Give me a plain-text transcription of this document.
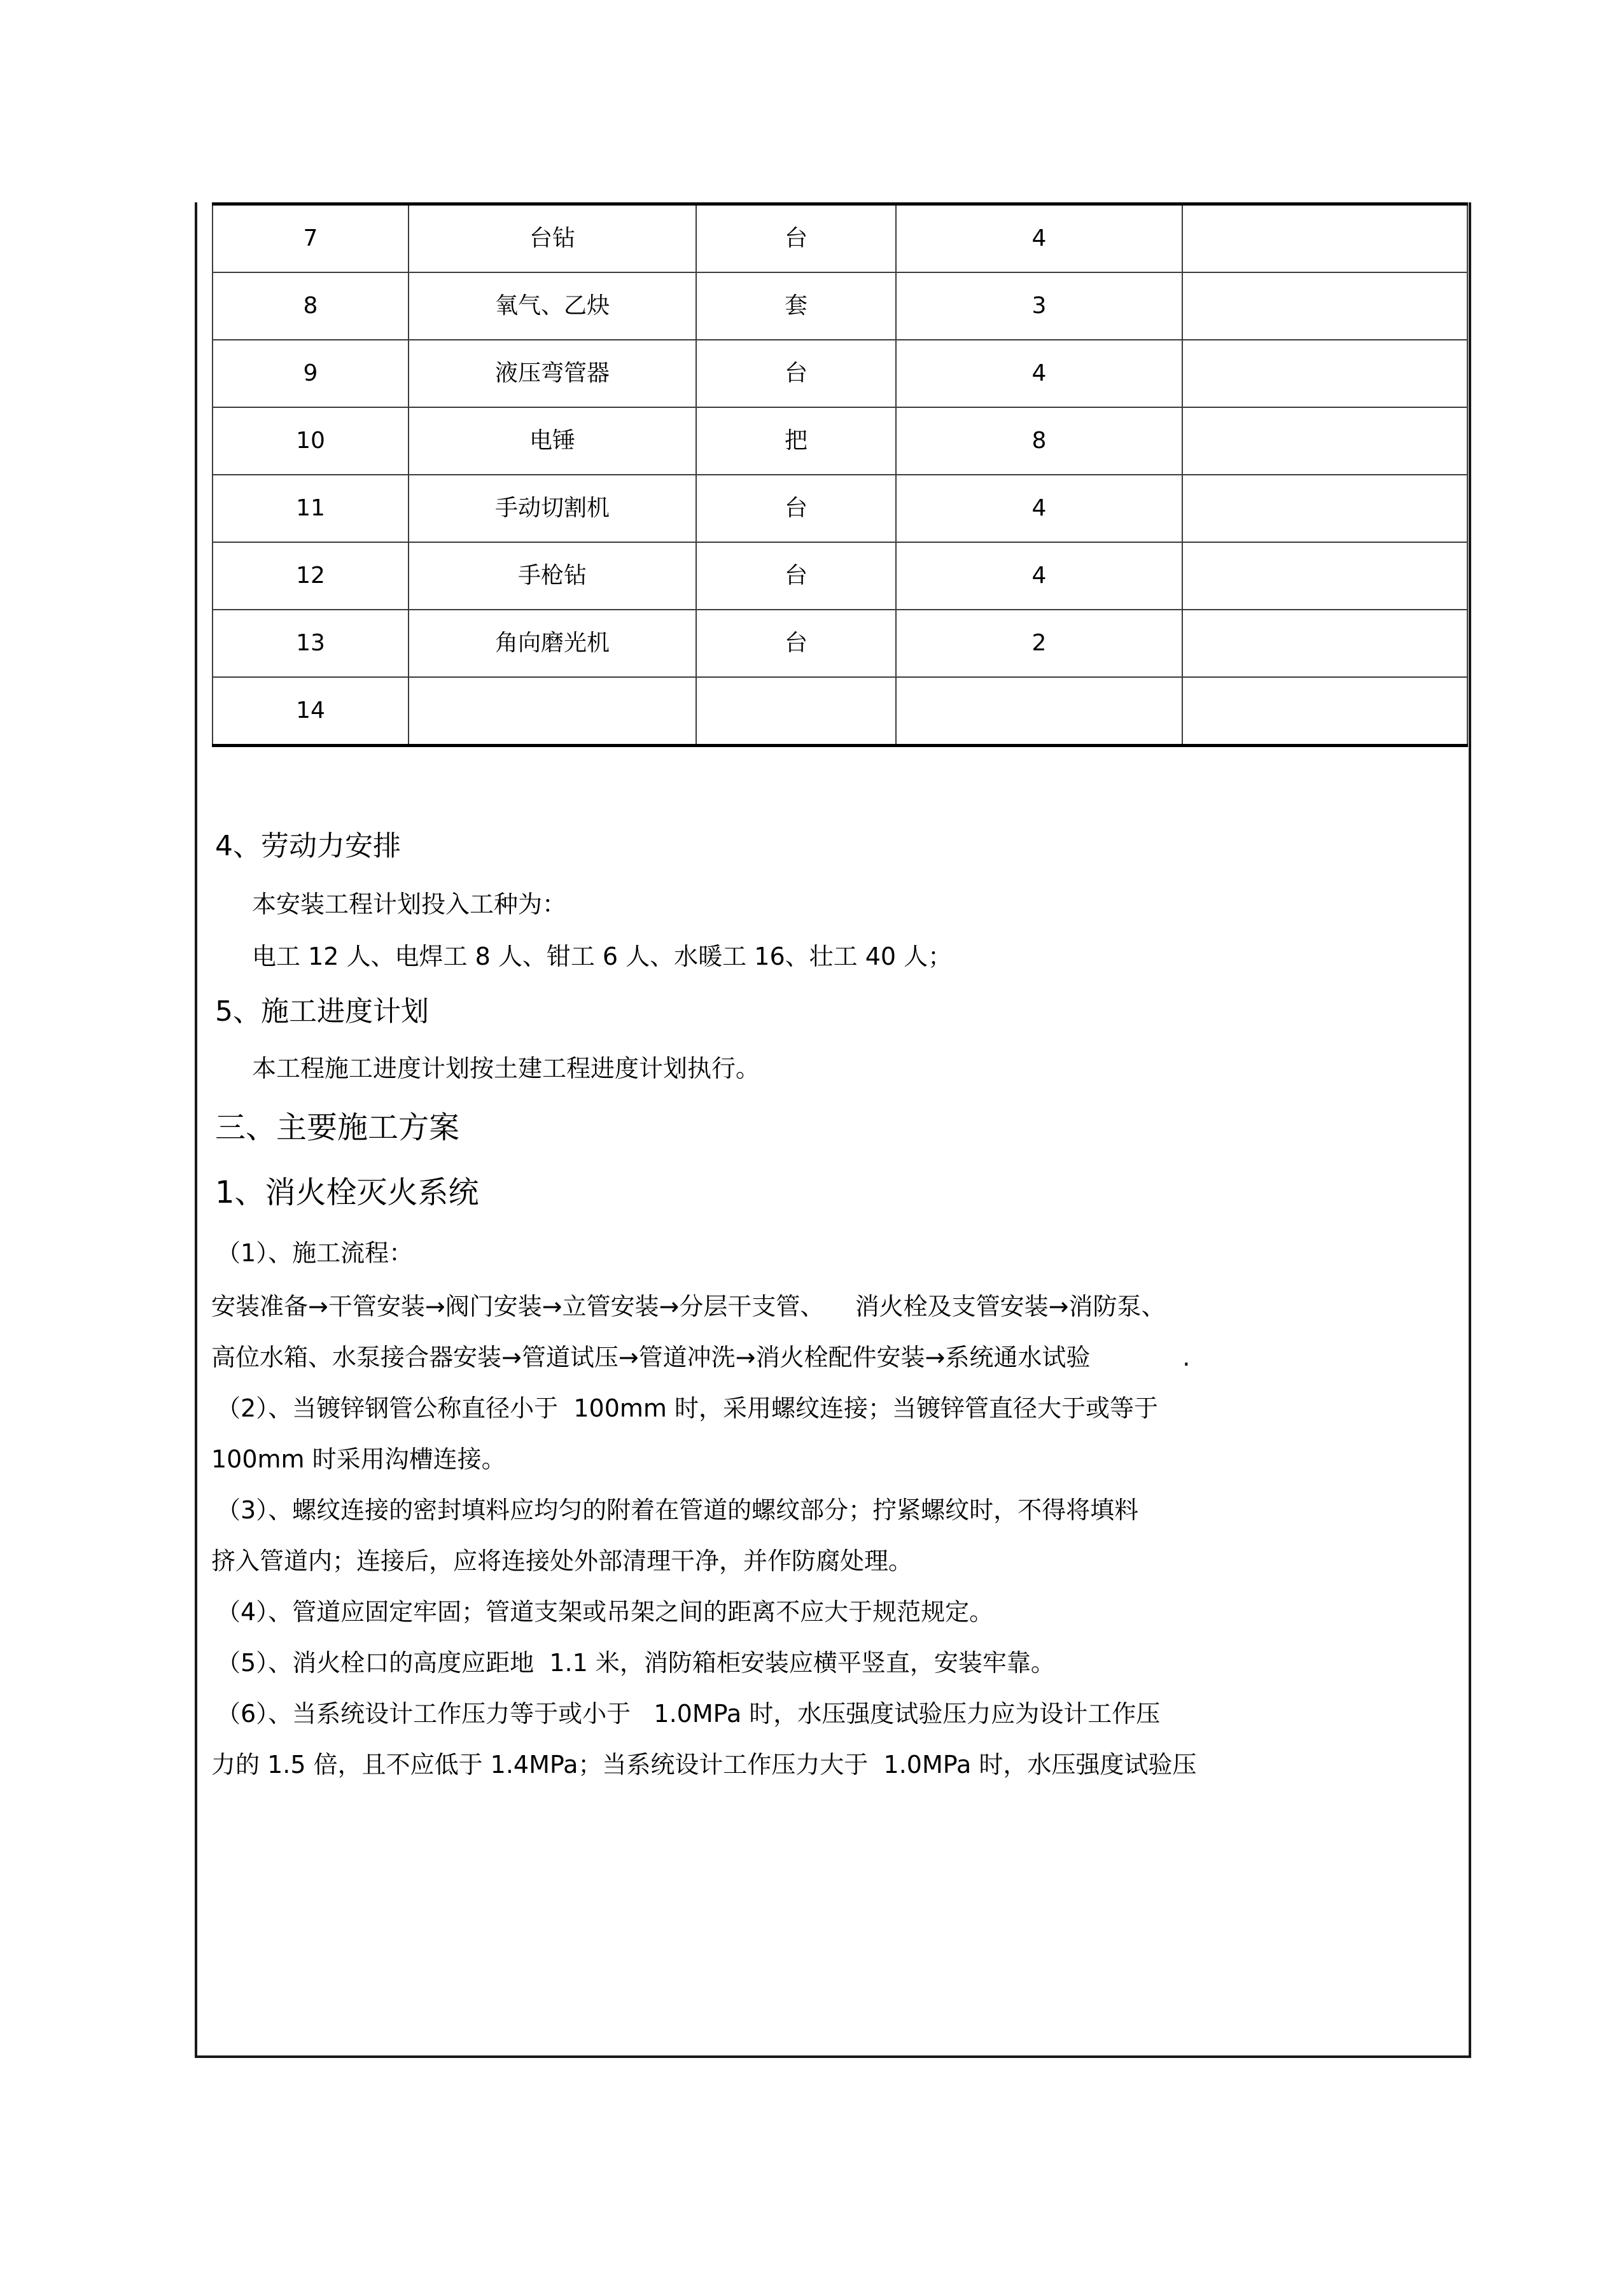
7	台钻	台	4	
8	氧气、乙炔	套	3	
9	液压弯管器	台	4	
10	电锤	把	8	
11	手动切割机	台	4	
12	手枪钻	台	4	
13	角向磨光机	台	2	
14				
4、劳动力安排
本安装工程计划投入工种为：
电工 12 人、电焊工 8 人、钳工 6 人、水暖工 16、壮工 40 人；
5、施工进度计划
本工程施工进度计划按土建工程进度计划执行。
三、主要施工方案
1、消火栓灭火系统
（1）、施工流程：
安装准备→干管安装→阀门安装→立管安装→分层干支管、    消火栓及支管安装→消防泵、
高位水箱、水泵接合器安装→管道试压→管道冲洗→消火栓配件安装→系统通水试验            .
（2）、当镀锌钢管公称直径小于  100mm 时，采用螺纹连接；当镀锌管直径大于或等于
100mm 时采用沟槽连接。
（3）、螺纹连接的密封填料应均匀的附着在管道的螺纹部分；拧紧螺纹时，不得将填料
挤入管道内；连接后，应将连接处外部清理干净，并作防腐处理。
（4）、管道应固定牢固；管道支架或吊架之间的距离不应大于规范规定。
（5）、消火栓口的高度应距地  1.1 米，消防箱柜安装应横平竖直，安装牢靠。
（6）、当系统设计工作压力等于或小于   1.0MPa 时，水压强度试验压力应为设计工作压
力的 1.5 倍，且不应低于 1.4MPa；当系统设计工作压力大于  1.0MPa 时，水压强度试验压
